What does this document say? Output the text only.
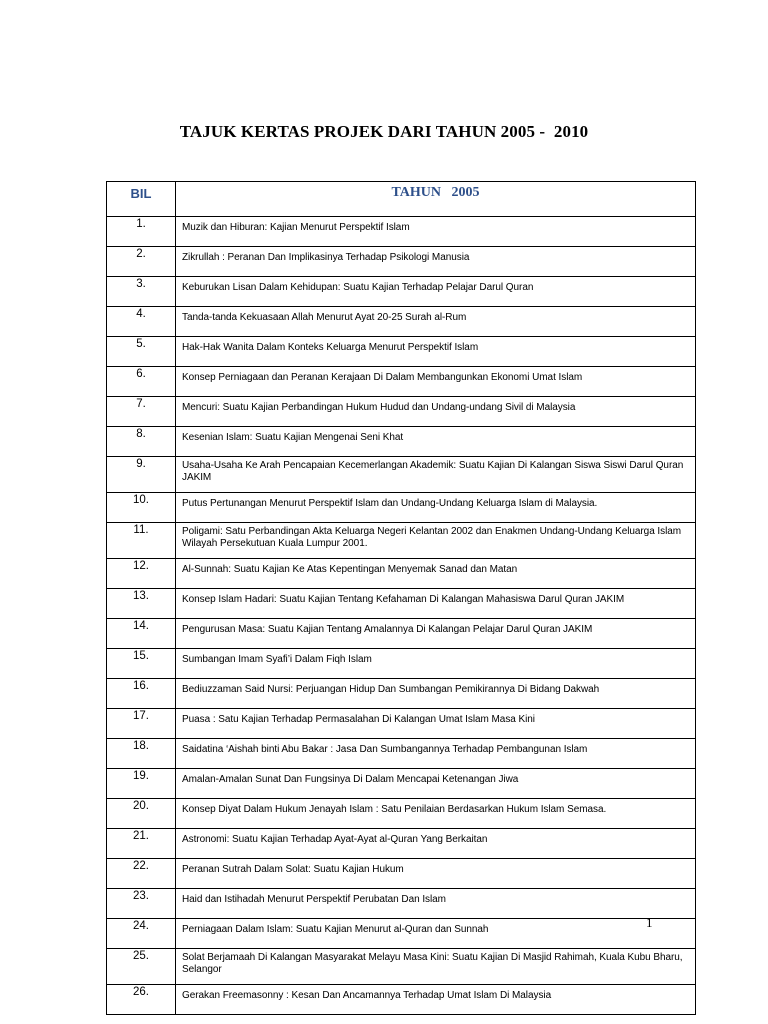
TAJUK KERTAS PROJEK DARI TAHUN 2005 -  2010
BIL	TAHUN   2005
1.	Muzik dan Hiburan: Kajian Menurut Perspektif Islam
2.	Zikrullah : Peranan Dan Implikasinya Terhadap Psikologi Manusia
3.	Keburukan Lisan Dalam Kehidupan: Suatu Kajian Terhadap Pelajar Darul Quran
4.	Tanda-tanda Kekuasaan Allah Menurut Ayat 20-25 Surah al-Rum
5.	Hak-Hak Wanita Dalam Konteks Keluarga Menurut Perspektif Islam
6.	Konsep Perniagaan dan Peranan Kerajaan Di Dalam Membangunkan Ekonomi Umat Islam
7.	Mencuri: Suatu Kajian Perbandingan Hukum Hudud dan Undang-undang Sivil di Malaysia
8.	Kesenian Islam: Suatu Kajian Mengenai Seni Khat
9.	Usaha-Usaha Ke Arah Pencapaian Kecemerlangan Akademik: Suatu Kajian Di Kalangan Siswa Siswi Darul Quran JAKIM
10.	Putus Pertunangan Menurut Perspektif Islam dan Undang-Undang Keluarga Islam di Malaysia.
11.	Poligami: Satu Perbandingan Akta Keluarga Negeri Kelantan 2002 dan Enakmen Undang-Undang Keluarga Islam Wilayah Persekutuan Kuala Lumpur 2001.
12.	Al-Sunnah: Suatu Kajian Ke Atas Kepentingan Menyemak Sanad dan Matan
13.	Konsep Islam Hadari: Suatu Kajian Tentang Kefahaman Di Kalangan Mahasiswa Darul Quran JAKIM
14.	Pengurusan Masa: Suatu Kajian Tentang Amalannya Di Kalangan Pelajar Darul Quran JAKIM
15.	Sumbangan Imam Syafi’i Dalam Fiqh Islam
16.	Bediuzzaman Said Nursi: Perjuangan Hidup Dan Sumbangan Pemikirannya Di Bidang Dakwah
17.	Puasa : Satu Kajian Terhadap Permasalahan Di Kalangan Umat Islam Masa Kini
18.	Saidatina ‘Aishah binti Abu Bakar : Jasa Dan Sumbangannya Terhadap Pembangunan Islam
19.	Amalan-Amalan Sunat Dan Fungsinya Di Dalam Mencapai Ketenangan Jiwa
20.	Konsep Diyat Dalam Hukum Jenayah Islam : Satu Penilaian Berdasarkan Hukum Islam Semasa.
21.	Astronomi: Suatu Kajian Terhadap Ayat-Ayat al-Quran Yang Berkaitan
22.	Peranan Sutrah Dalam Solat: Suatu Kajian Hukum
23.	Haid dan Istihadah Menurut Perspektif Perubatan Dan Islam
24.	Perniagaan Dalam Islam: Suatu Kajian Menurut al-Quran dan Sunnah
25.	Solat Berjamaah Di Kalangan Masyarakat Melayu Masa Kini: Suatu Kajian Di Masjid Rahimah, Kuala Kubu Bharu, Selangor
26.	Gerakan Freemasonny : Kesan Dan Ancamannya Terhadap Umat Islam Di Malaysia
1
